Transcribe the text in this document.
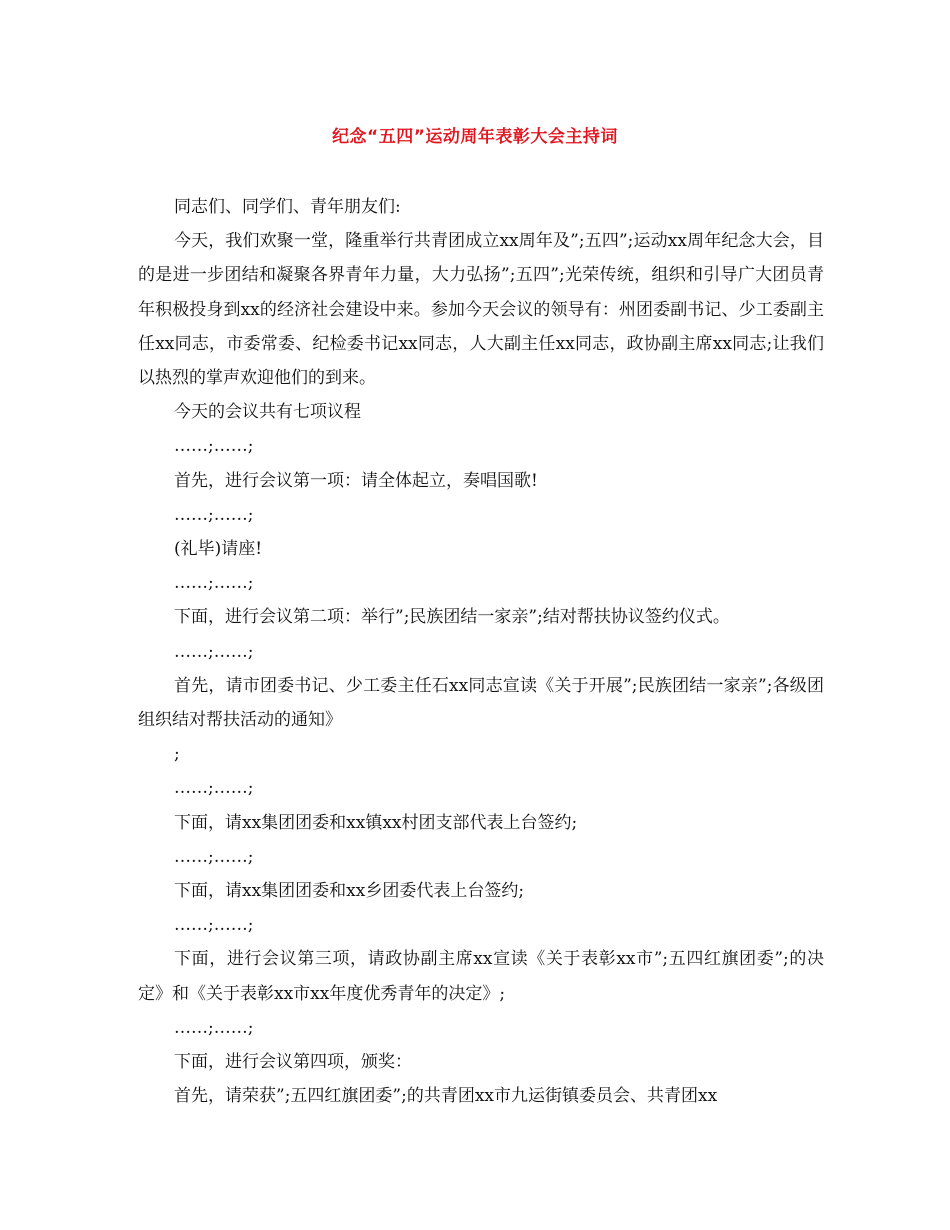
纪念“五四”运动周年表彰大会主持词

同志们、同学们、青年朋友们:

今天，我们欢聚一堂，隆重举行共青团成立xx周年及”;五四”;运动xx周年纪念大会，目的是进一步团结和凝聚各界青年力量，大力弘扬”;五四”;光荣传统，组织和引导广大团员青年积极投身到xx的经济社会建设中来。参加今天会议的领导有：州团委副书记、少工委副主任xx同志，市委常委、纪检委书记xx同志，人大副主任xx同志，政协副主席xx同志;让我们以热烈的掌声欢迎他们的到来。

今天的会议共有七项议程

……;……;

首先，进行会议第一项：请全体起立，奏唱国歌!

……;……;

(礼毕)请座!

……;……;

下面，进行会议第二项：举行”;民族团结一家亲”;结对帮扶协议签约仪式。

……;……;

首先，请市团委书记、少工委主任石xx同志宣读《关于开展”;民族团结一家亲”;各级团组织结对帮扶活动的通知》

;

……;……;

下面，请xx集团团委和xx镇xx村团支部代表上台签约;

……;……;

下面，请xx集团团委和xx乡团委代表上台签约;

……;……;

下面，进行会议第三项，请政协副主席xx宣读《关于表彰xx市”;五四红旗团委”;的决定》和《关于表彰xx市xx年度优秀青年的决定》;

……;……;

下面，进行会议第四项，颁奖：

首先，请荣获”;五四红旗团委”;的共青团xx市九运街镇委员会、共青团xx
